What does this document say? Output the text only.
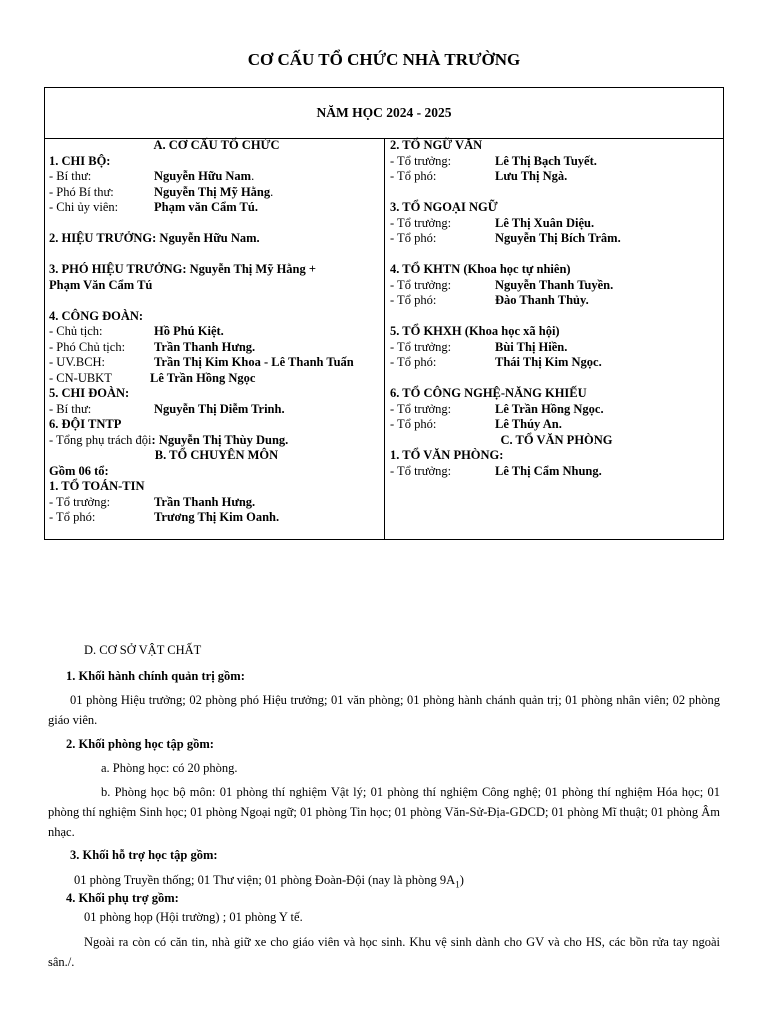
CƠ CẤU TỔ CHỨC NHÀ TRƯỜNG
NĂM HỌC 2024 - 2025
A. CƠ CẤU TỔ CHỨC
1. CHI BỘ:
- Bí thư:	Nguyễn Hữu Nam.
- Phó Bí thư:	Nguyễn Thị Mỹ Hằng.
- Chi ủy viên:	Phạm văn Cẩm Tú.
2. HIỆU TRƯỞNG: Nguyễn Hữu Nam.
3. PHÓ HIỆU TRƯỞNG: Nguyễn Thị Mỹ Hằng +
Phạm Văn Cẩm Tú
4. CÔNG ĐOÀN:
- Chủ tịch:	Hồ Phú Kiệt.
- Phó Chủ tịch: Trần Thanh Hưng.
- UV.BCH:	Trần Thị Kim Khoa - Lê Thanh Tuấn
- CN-UBKT	Lê Trần Hồng Ngọc
5. CHI ĐOÀN:
- Bí thư:	Nguyễn Thị Diễm Trinh.
6. ĐỘI TNTP
- Tổng phụ trách đội: Nguyễn Thị Thùy Dung.
B. TỔ CHUYÊN MÔN
Gồm 06 tổ:
1. TỔ TOÁN-TIN
- Tổ trưởng:	Trần Thanh Hưng.
- Tổ phó:	Trương Thị Kim Oanh.
2. TỔ NGỮ VĂN
- Tổ trưởng:	Lê Thị Bạch Tuyết.
- Tổ phó:	Lưu Thị Ngà.
3. TỔ NGOẠI NGỮ
- Tổ trưởng:	Lê Thị Xuân Diệu.
- Tổ phó:	Nguyễn Thị Bích Trâm.
4. TỔ KHTN (Khoa học tự nhiên)
- Tổ trưởng:	Nguyễn Thanh Tuyền.
- Tổ phó:	Đào Thanh Thủy.
5. TỔ KHXH (Khoa học xã hội)
- Tổ trưởng:	Bùi Thị Hiền.
- Tổ phó:	Thái Thị Kim Ngọc.
6. TỔ CÔNG NGHỆ-NĂNG KHIẾU
- Tổ trưởng:	Lê Trần Hồng Ngọc.
- Tổ phó:	Lê Thúy An.
C. TỔ VĂN PHÒNG
1. TỔ VĂN PHÒNG:
- Tổ trưởng:	Lê Thị Cẩm Nhung.
D. CƠ SỞ VẬT CHẤT
1. Khối hành chính quản trị gồm:
01 phòng Hiệu trưởng; 02 phòng phó Hiệu trưởng; 01 văn phòng; 01 phòng hành chánh quản trị; 01 phòng nhân viên; 02 phòng giáo viên.
2. Khối phòng học tập gồm:
a. Phòng học: có 20 phòng.
b. Phòng học bộ môn: 01 phòng thí nghiệm Vật lý; 01 phòng thí nghiệm Công nghệ; 01 phòng thí nghiệm Hóa học; 01 phòng thí nghiệm Sinh học; 01 phòng Ngoại ngữ; 01 phòng Tin học; 01 phòng Văn-Sử-Địa-GDCD; 01 phòng Mĩ thuật; 01 phòng Âm nhạc.
3. Khối hỗ trợ học tập gồm:
01 phòng Truyền thống; 01 Thư viện; 01 phòng Đoàn-Đội (nay là phòng $9A_1$)
4. Khối phụ trợ gồm:
01 phòng họp (Hội trường) ; 01 phòng Y tế.
Ngoài ra còn có căn tin, nhà giữ xe cho giáo viên và học sinh. Khu vệ sinh dành cho GV và cho HS, các bồn rửa tay ngoài sân./.
